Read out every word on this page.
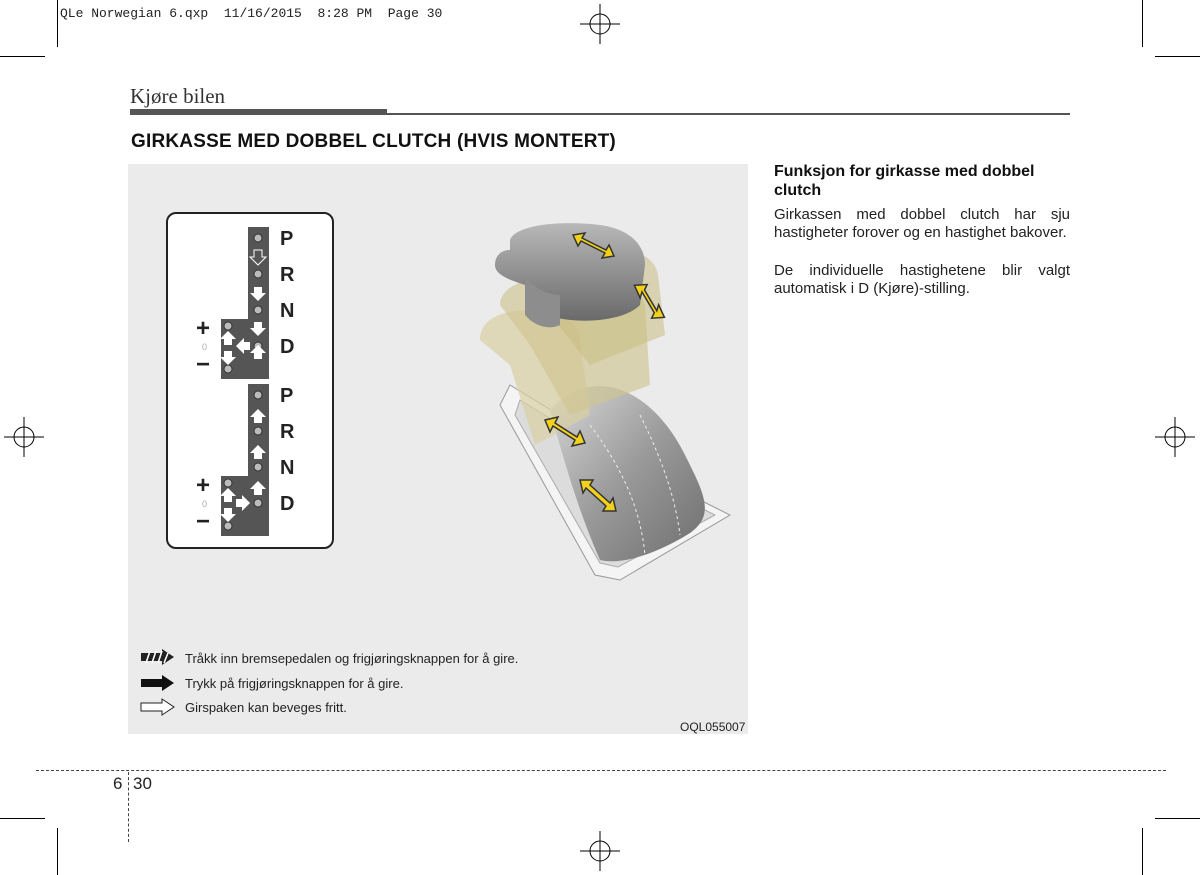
QLe Norwegian 6.qxp 11/16/2015 8:28 PM Page 30
Kjøre bilen
GIRKASSE MED DOBBEL CLUTCH (HVIS MONTERT)
P
R
N
D
+
0
−
P
R
N
D
+
0
−
Tråkk inn bremsepedalen og frigjøringsknappen for å gire.
Trykk på frigjøringsknappen for å gire.
Girspaken kan beveges fritt.
OQL055007
Funksjon for girkasse med dobbel clutch
Girkassen med dobbel clutch har sju hastigheter forover og en hastighet bakover.
De individuelle hastighetene blir valgt automatisk i D (Kjøre)-stilling.
6 30
